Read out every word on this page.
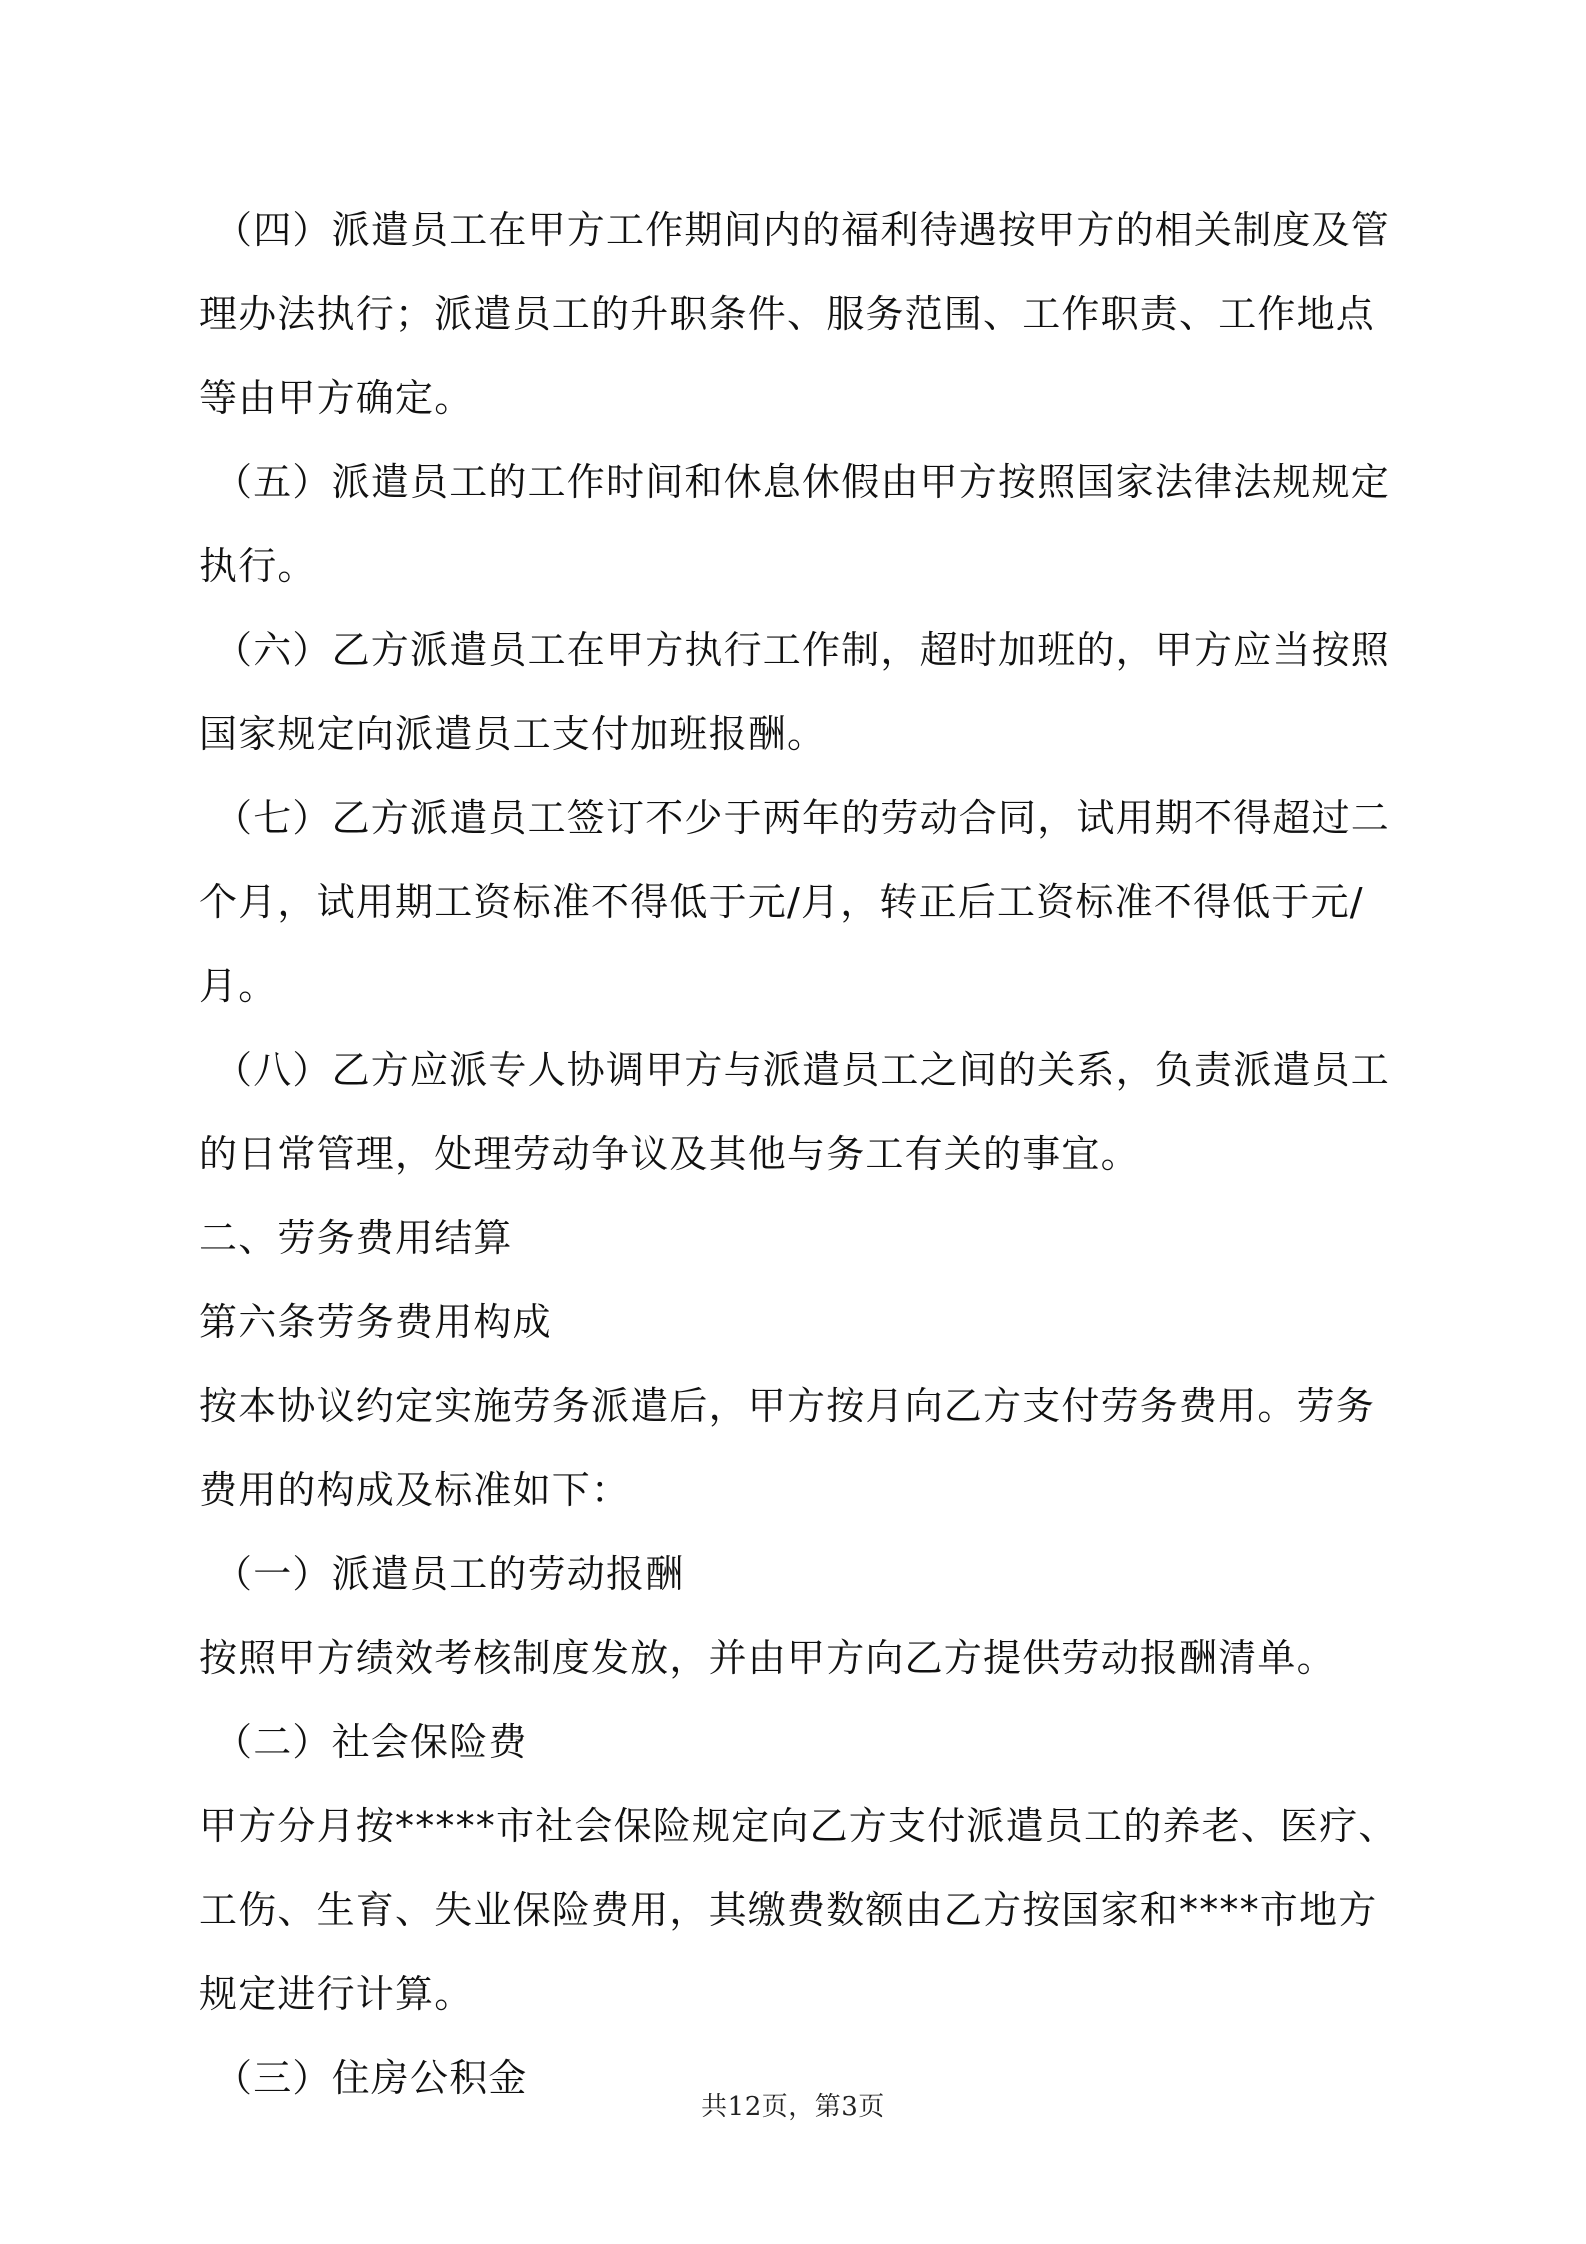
（四）派遣员工在甲方工作期间内的福利待遇按甲方的相关制度及管理办法执行；派遣员工的升职条件、服务范围、工作职责、工作地点等由甲方确定。

（五）派遣员工的工作时间和休息休假由甲方按照国家法律法规规定执行。

（六）乙方派遣员工在甲方执行工作制，超时加班的，甲方应当按照国家规定向派遣员工支付加班报酬。

（七）乙方派遣员工签订不少于两年的劳动合同，试用期不得超过二个月，试用期工资标准不得低于元/月，转正后工资标准不得低于元/月。

（八）乙方应派专人协调甲方与派遣员工之间的关系，负责派遣员工的日常管理，处理劳动争议及其他与务工有关的事宜。

二、劳务费用结算

第六条劳务费用构成

按本协议约定实施劳务派遣后，甲方按月向乙方支付劳务费用。劳务费用的构成及标准如下：

（一）派遣员工的劳动报酬

按照甲方绩效考核制度发放，并由甲方向乙方提供劳动报酬清单。

（二）社会保险费

甲方分月按*****市社会保险规定向乙方支付派遣员工的养老、医疗、工伤、生育、失业保险费用，其缴费数额由乙方按国家和****市地方规定进行计算。

（三）住房公积金

共12页，第3页
